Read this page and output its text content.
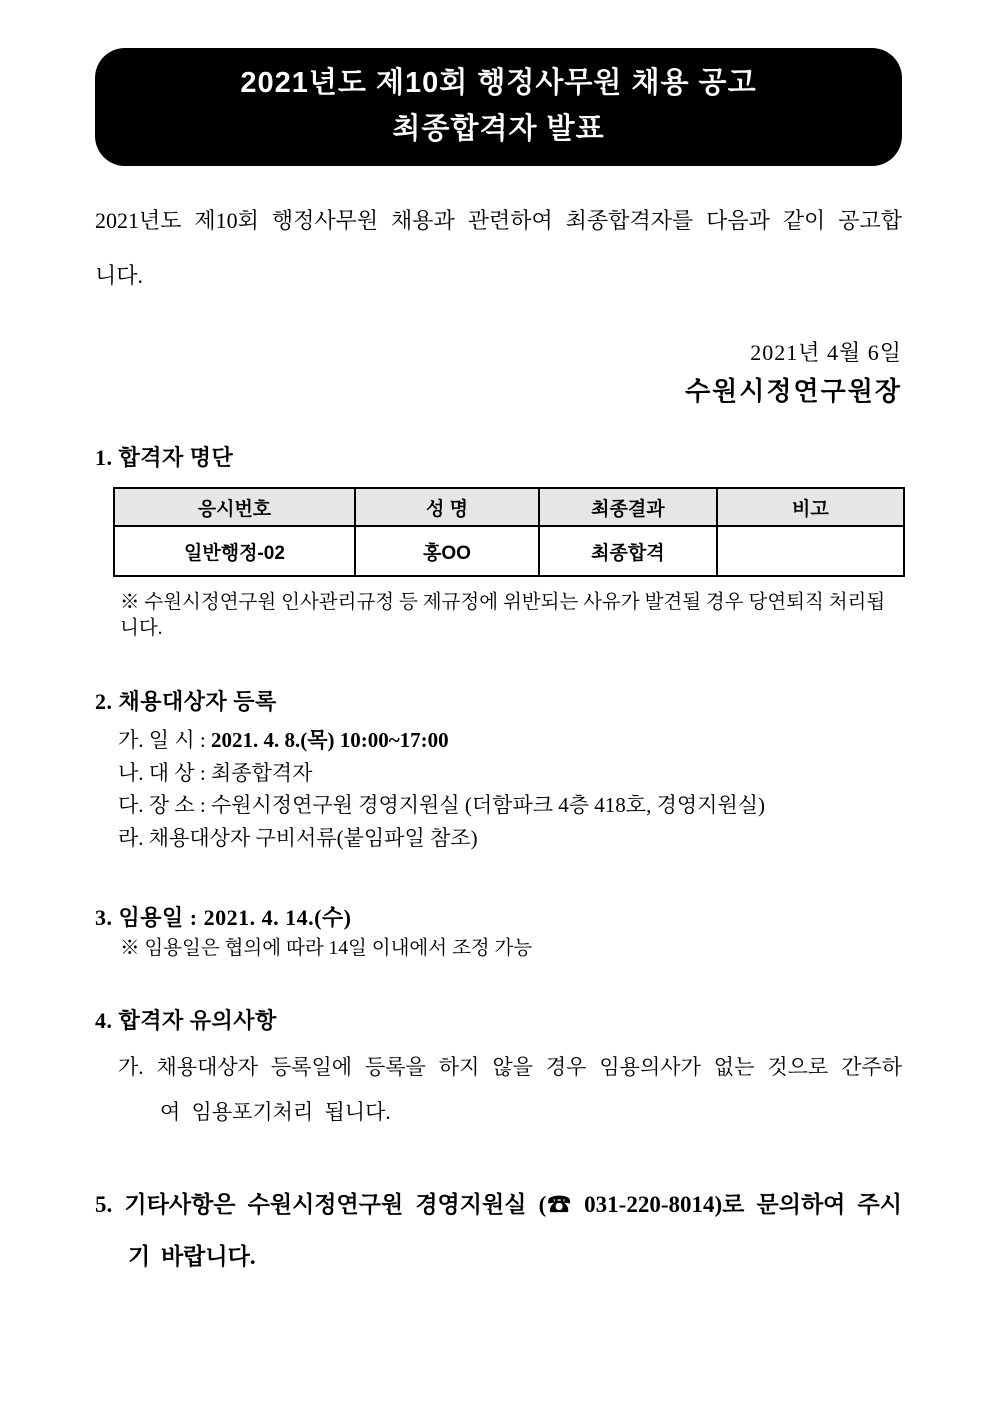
2021년도 제10회 행정사무원 채용 공고
최종합격자 발표

2021년도 제10회 행정사무원 채용과 관련하여 최종합격자를 다음과 같이 공고합니다.

2021년 4월 6일
수원시정연구원장
1. 합격자 명단
응시번호	성 명	최종결과	비고
일반행정-02	홍OO	최종합격	
※ 수원시정연구원 인사관리규정 등 제규정에 위반되는 사유가 발견될 경우 당연퇴직 처리됩니다.
2. 채용대상자 등록
가. 일 시 : 2021. 4. 8.(목) 10:00~17:00
나. 대 상 : 최종합격자
다. 장 소 : 수원시정연구원 경영지원실 (더함파크 4층 418호, 경영지원실)
라. 채용대상자 구비서류(붙임파일 참조)
3. 임용일 : 2021. 4. 14.(수)
※ 임용일은 협의에 따라 14일 이내에서 조정 가능
4. 합격자 유의사항
가. 채용대상자 등록일에 등록을 하지 않을 경우 임용의사가 없는 것으로 간주하여 임용포기처리 됩니다.
5. 기타사항은 수원시정연구원 경영지원실 (☎ 031-220-8014)로 문의하여 주시기 바랍니다.
